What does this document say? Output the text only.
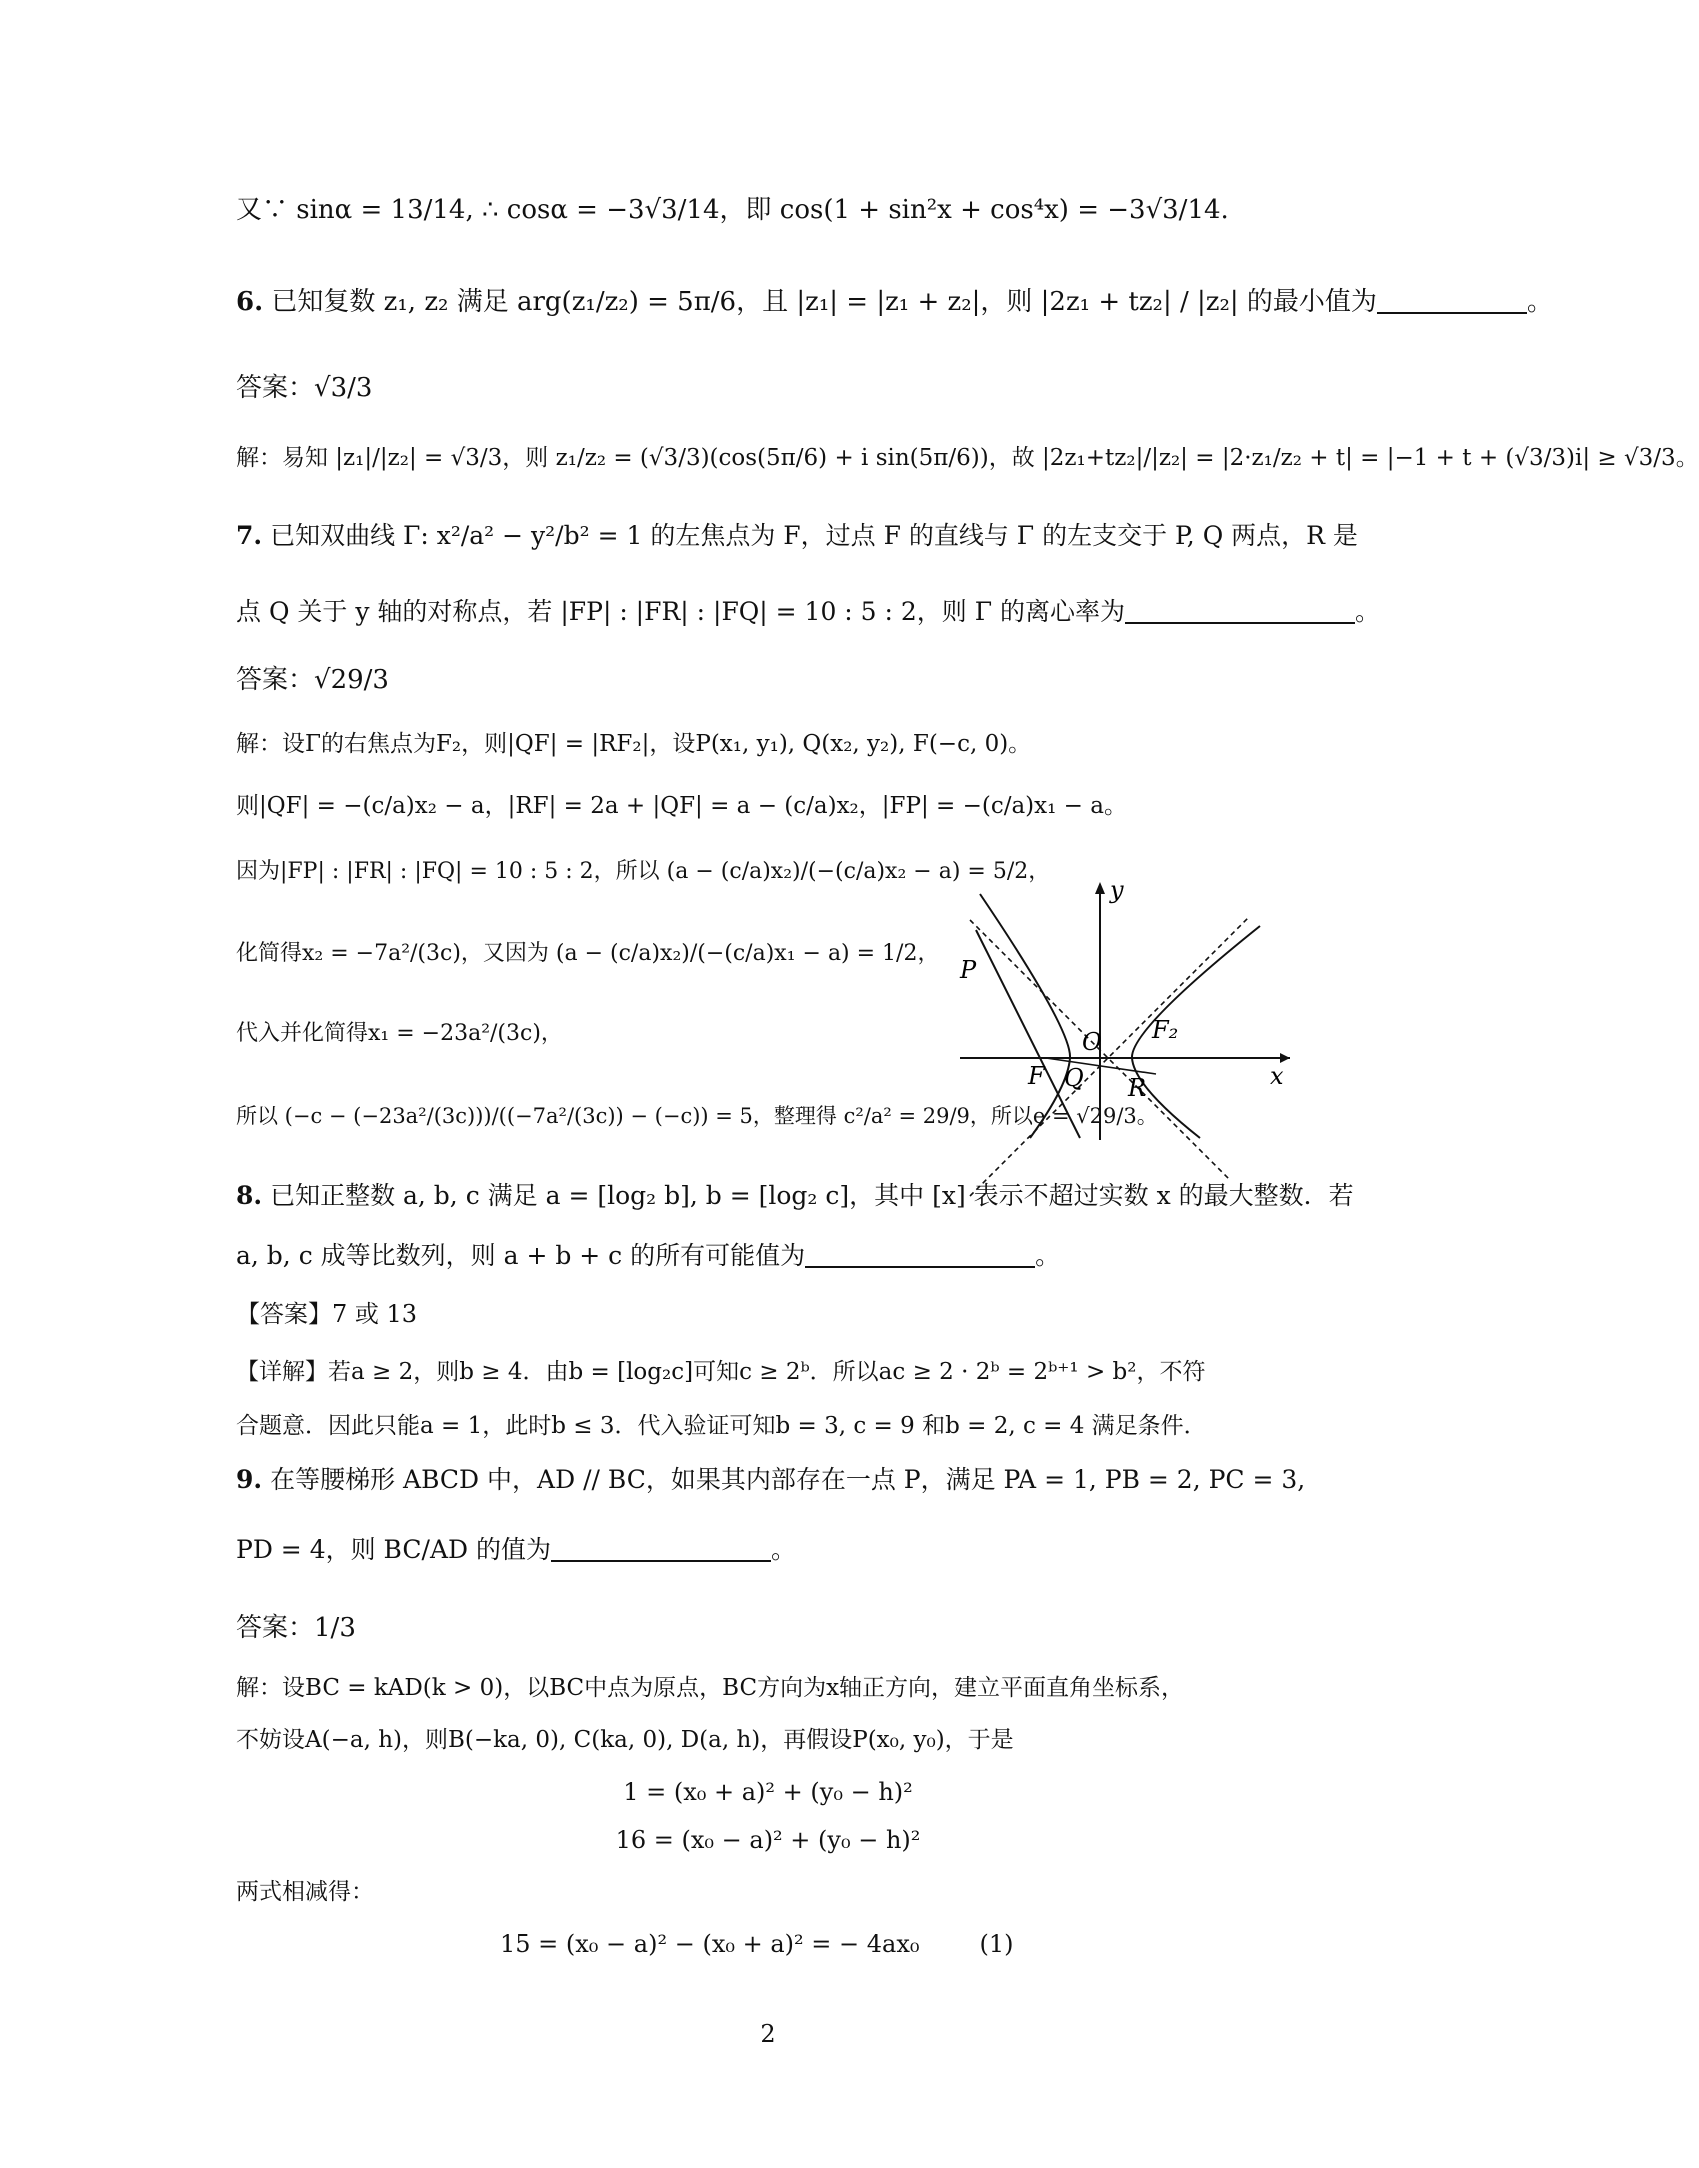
又∵ sinα = 13/14, ∴ cosα = −3√3/14，即 cos(1 + sin²x + cos⁴x) = −3√3/14.
6. 已知复数 z₁, z₂ 满足 arg(z₁/z₂) = 5π/6，且 |z₁| = |z₁ + z₂|，则 |2z₁ + tz₂| / |z₂| 的最小值为	。
答案：√3/3
解：易知 |z₁|/|z₂| = √3/3，则 z₁/z₂ = (√3/3)(cos(5π/6) + i sin(5π/6))，故 |2z₁+tz₂|/|z₂| = |2·z₁/z₂ + t| = |−1 + t + (√3/3)i| ≥ √3/3。
7. 已知双曲线 Γ: x²/a² − y²/b² = 1 的左焦点为 F，过点 F 的直线与 Γ 的左支交于 P, Q 两点，R 是
点 Q 关于 y 轴的对称点，若 |FP| : |FR| : |FQ| = 10 : 5 : 2，则 Γ 的离心率为	。
答案：√29/3
解：设Γ的右焦点为F₂，则|QF| = |RF₂|，设P(x₁, y₁), Q(x₂, y₂), F(−c, 0)。
则|QF| = −(c/a)x₂ − a，|RF| = 2a + |QF| = a − (c/a)x₂，|FP| = −(c/a)x₁ − a。
因为|FP| : |FR| : |FQ| = 10 : 5 : 2，所以 (a − (c/a)x₂)/(−(c/a)x₂ − a) = 5/2，
化简得x₂ = −7a²/(3c)，又因为 (a − (c/a)x₂)/(−(c/a)x₁ − a) = 1/2，
代入并化简得x₁ = −23a²/(3c)，
所以 (−c − (−23a²/(3c)))/((−7a²/(3c)) − (−c)) = 5，整理得 c²/a² = 29/9，所以e = √29/3。
y
x
P
O F₂
F Q R
8. 已知正整数 a, b, c 满足 a = [log₂ b], b = [log₂ c]，其中 [x] 表示不超过实数 x 的最大整数．若
a, b, c 成等比数列，则 a + b + c 的所有可能值为	。
【答案】7 或 13
【详解】若a ≥ 2，则b ≥ 4．由b = [log₂c]可知c ≥ 2ᵇ．所以ac ≥ 2 · 2ᵇ = 2ᵇ⁺¹ > b²，不符
合题意．因此只能a = 1，此时b ≤ 3．代入验证可知b = 3, c = 9 和b = 2, c = 4 满足条件．
9. 在等腰梯形 ABCD 中，AD // BC，如果其内部存在一点 P，满足 PA = 1, PB = 2, PC = 3,
PD = 4，则 BC/AD 的值为	。
答案：1/3
解：设BC = kAD(k > 0)，以BC中点为原点，BC方向为x轴正方向，建立平面直角坐标系，
不妨设A(−a, h)，则B(−ka, 0), C(ka, 0), D(a, h)，再假设P(x₀, y₀)，于是
1 = (x₀ + a)² + (y₀ − h)²
16 = (x₀ − a)² + (y₀ − h)²
两式相减得：
15 = (x₀ − a)² − (x₀ + a)² = − 4ax₀	(1)
2
